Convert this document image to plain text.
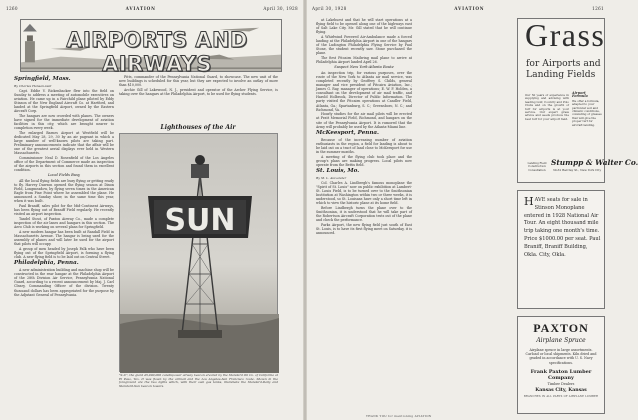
1260	AVIATION	April 30, 1928
AIRPORTS AND AIRWAYS
Springfield, Mass.

By Charles Hansen-Gell

Capt. Eddie V. Rickenbacker flew into the field on Sunday to address a meeting of automobile executives on aviation. He came up in a Fairchild plane piloted by Eddy Stinson of the New England Aircraft Co. at Hartford, and landed at the Springfield Airport, owned by the Eastern Aircraft Corp.

The hangars are now crowded with planes. The owners have signed for the immediate development of aviation facilities in this city, which are brought nearer to completion every week.

The enlarged Barnes Airport at Westfield will be dedicated May 28, 29, 30 by an air pageant in which a large number of well-known pilots are taking part. Preliminary announcements indicate that the affair will be one of the greatest aerial displays ever held in Western Massachusetts.

Commissioner Neal D. Rosenfield of the Los Angeles office of the Department of Commerce made an inspection of the airports in this section and found them in excellent condition.

Local Fields Busy

All the local flying fields are busy flying or getting ready to fly. Harvey Dawson opened the flying season at Dixon Field, Longmeadow, by flying seven times in the American Eagle from Pine Point where he assembled the plane. He announced a Sunday show, in the same time this year, when it was built.

Paul Braniff, sales pilot for the Mid-Continent Airways, has been flying out of Braniff Field regularly. He recently visited an airport inspection.

Tandel Stout, of Paxton Airway Co., made a complete inspection of the air lanes and hangars in this section. The Aero Club is working on several plans for Springfield.

A new modern hangar has been built at Randall Field in Massachusetts Avenue. The hangar is being used for the assembly of planes and will later be used for the airport that pilots will occupy.

A group of men headed by Joseph Falk who have been flying out of the Springfield Airport, is forming a flying club. A new flying field is to be laid out on Central Street.

Philadelphia, Penna.

A new administration building and machine shop will be constructed in the rear hangar at the Philadelphia Airport of the 28th Division Air Service, Pennsylvania National Guard, according to a recent announcement by Maj. J. Carl Cleary, Commanding Officer of the division. Twenty thousand dollars has been appropriated for the purpose by the Adjutant General of Pennsylvania.

Pitts, commander of the Pennsylvania National Guard, to showcase. The new unit of the new buildings is scheduled for this year, but they are expected to involve an outlay of more than $10,000.

Archie Gill of Lakewood, N. J., president and operator of the Archer Flying Service, is taking over the hangars at the Philadelphia Airport, to be used for flying students.

Lighthouses of the Air
SUN
"S-U", the giant 45,000,000 candlepower airway beacon erected by the Standard Oil Co. of California at El Paso, Tex. It was flown by the airmail and the Los Angeles-San Francisco route. Shown in the foreground are the two lights which, with their own gas tanks, illuminate the Standard-Daily and Standard-Sun beacon towers.
April 30, 1928	AVIATION	1261

at Lakehurst and that he will start operations at a flying field to be opened along one of the highways east of Salt Lake City. Mr. Gill stated that he will continue flying.

A Whirlwind Powered Air-Ambulance made a forced landing at the Philadelphia Airport in one of the hangars of the Ludington Philadelphia Flying Service by Paul Stone, the student recently saw. Stone purchased the plane.

The first Pitcairn Mailwing mail plane to arrive at Philadelphia Airport landed April 26.

Suspect New York-Atlanta Route

An inspection trip, for various purposes, over the route of the New York to Atlanta air mail service, was completed recently by Geoffrey S. Childs, general manager and vice president of Pitcairn Aviation, Inc.; James G. Ray, manager of operations; E. W. F. Holden, a consultant on the development of air mail traffic, and Harold Holbrook, Director of Public Information. The party visited the Pitcairn operations at Candler Field, Atlanta, Ga.; Spartanburg, S. C.; Greensboro, N. C.; and Richmond, Va.

Hourly studies for the air mail pilots will be erected at Pratt Memorial Field, Richmond, and hangars on the site of the Pennsylvania Airport. It is rumored that the Army will probably be used by the Atlanta-Miami line.

McKeesport, Penna.

Because of the increasing number of aviation enthusiasts in the region, a field for landing is about to be laid out on a tract of land close to McKeesport for use in the summer months.

A meeting of the flying club took place and the group's plans are making progress. Local pilots now operate from the Bettis field.

St. Louis, Mo.

By M. L. Alexander

Col. Charles A. Lindbergh's famous monoplane the "Spirit of St. Louis" now on public exhibition at Lambert-St. Louis Field, is to be turned over to the Smithsonian Institution at Washington within two or three weeks, it is understood, so St. Louisans have only a short time left in which to view the historic plane at its home field.

Before Lindbergh turns the plane over to the Smithsonian, it is understood that he will take part of the Robertson Aircraft Corporation tests out of the plane and check the performance.

Parks Airport, the new flying field just south of East St. Louis, is to have its first flying meet on Saturday, it is announced.

Grass
for Airports and Landing Fields
Our 50 years of experience in supplying and advising with leading Golf, Country and Polo Clubs and on the growth of turf for airports is at your service. Our expert grass advice and seeds produce the best turf for your airport field.
Airport Formula
We offer a formula, adapted to your particular soil and climatic conditions, consisting of grasses that will give the proper turf for aircraft landing.
Landing Field Construction Consultation
Stumpp & Walter Co.
30-32 Barclay St., New York City
HAVE seats for sale in Stinson Monoplane entered in 1928 National Air Tour. An eight thousand mile trip taking one month's time. Price $1000.00 per seat. Paul Braniff, Braniff Building, Okla. City, Okla.
PAXTON
Airplane Spruce
Airplane spruce in large assortments. Carload or local shipments. Kiln dried and graded in accordance with U. S. Navy specifications.
Frank Paxton Lumber Company
Timber Dealers
Kansas City, Kansas
BRANCHES IN ALL PARTS OF AIRPLANE LUMBER
THANK YOU for mentioning AVIATION
